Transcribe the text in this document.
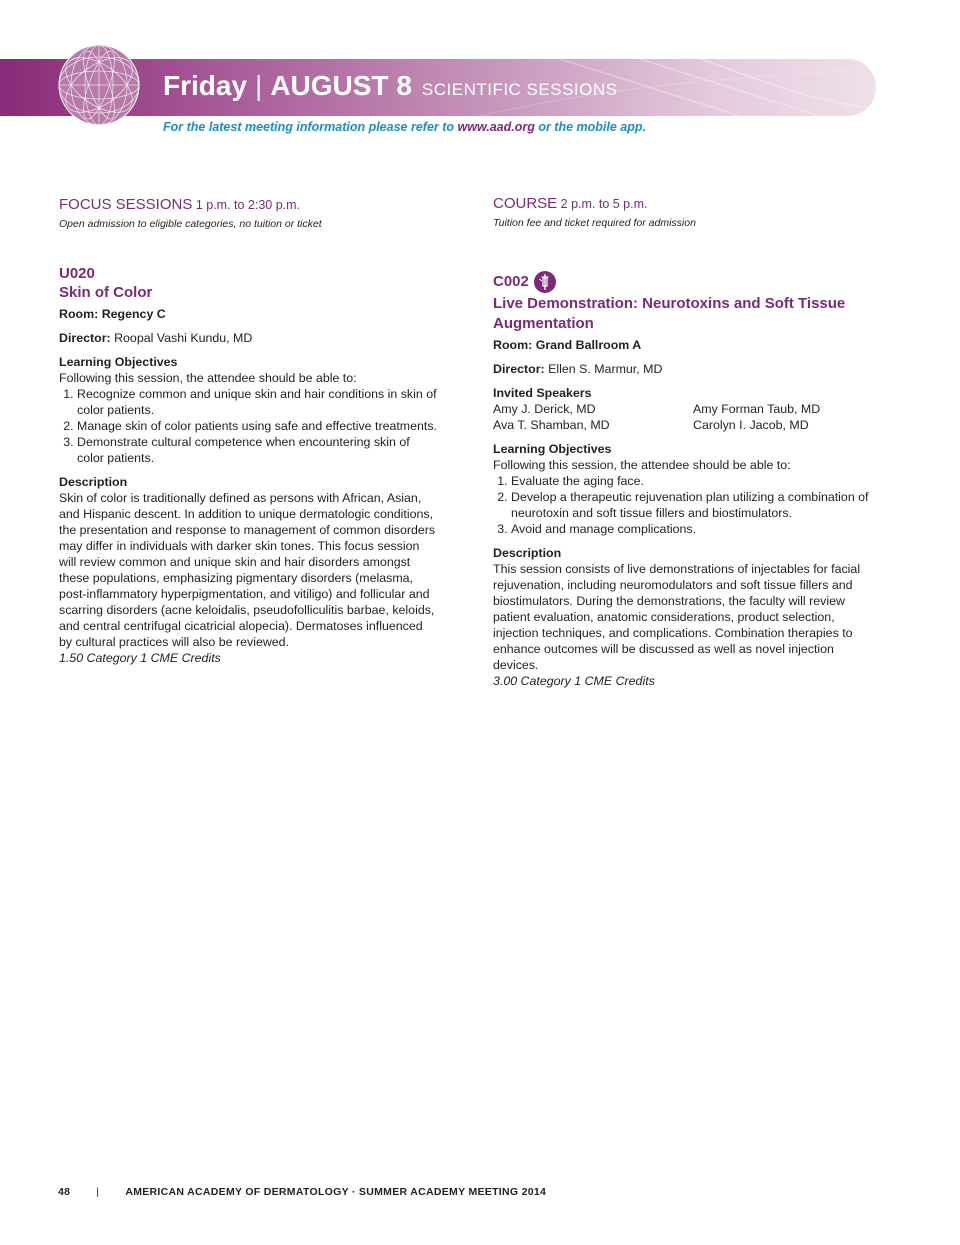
Friday | AUGUST 8 SCIENTIFIC SESSIONS
For the latest meeting information please refer to www.aad.org or the mobile app.
FOCUS SESSIONS 1 p.m. to 2:30 p.m.
Open admission to eligible categories, no tuition or ticket
U020
Skin of Color
Room: Regency C
Director: Roopal Vashi Kundu, MD
Learning Objectives
Following this session, the attendee should be able to:
1. Recognize common and unique skin and hair conditions in skin of color patients.
2. Manage skin of color patients using safe and effective treatments.
3. Demonstrate cultural competence when encountering skin of color patients.
Description

Skin of color is traditionally defined as persons with African, Asian, and Hispanic descent. In addition to unique dermatologic conditions, the presentation and response to management of common disorders may differ in individuals with darker skin tones. This focus session will review common and unique skin and hair disorders amongst these populations, emphasizing pigmentary disorders (melasma, post-inflammatory hyperpigmentation, and vitiligo) and follicular and scarring disorders (acne keloidalis, pseudofolliculitis barbae, keloids, and central centrifugal cicatricial alopecia). Dermatoses influenced by cultural practices will also be reviewed.

1.50 Category 1 CME Credits
COURSE 2 p.m. to 5 p.m.
Tuition fee and ticket required for admission
C002
Live Demonstration: Neurotoxins and Soft Tissue Augmentation
Room: Grand Ballroom A
Director: Ellen S. Marmur, MD
Invited Speakers
Amy J. Derick, MD	Amy Forman Taub, MD
Ava T. Shamban, MD	Carolyn I. Jacob, MD
Learning Objectives
Following this session, the attendee should be able to:
1. Evaluate the aging face.
2. Develop a therapeutic rejuvenation plan utilizing a combination of neurotoxin and soft tissue fillers and biostimulators.
3. Avoid and manage complications.
Description

This session consists of live demonstrations of injectables for facial rejuvenation, including neuromodulators and soft tissue fillers and biostimulators. During the demonstrations, the faculty will review patient evaluation, anatomic considerations, product selection, injection techniques, and complications. Combination therapies to enhance outcomes will be discussed as well as novel injection devices.

3.00 Category 1 CME Credits
48 | AMERICAN ACADEMY OF DERMATOLOGY · SUMMER ACADEMY MEETING 2014
